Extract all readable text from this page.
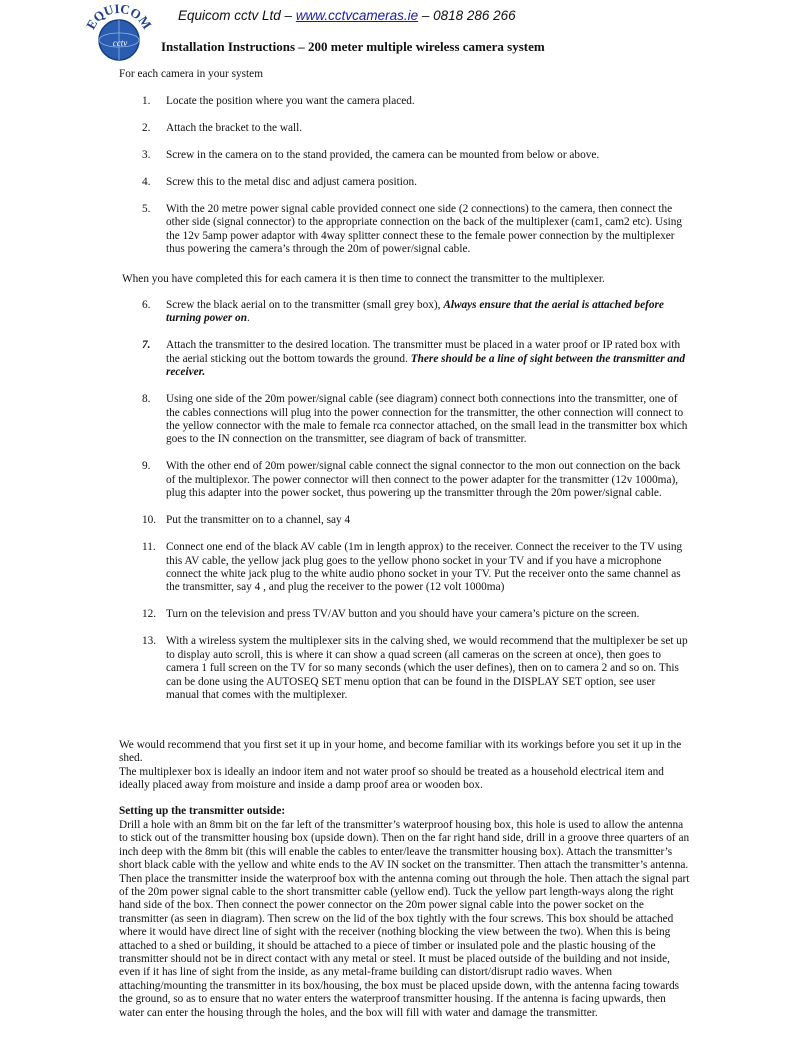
EQUICOM
cctv
Equicom cctv Ltd – www.cctvcameras.ie – 0818 286 266
Installation Instructions – 200 meter multiple wireless camera system
For each camera in your system
1. Locate the position where you want the camera placed.
2. Attach the bracket to the wall.
3. Screw in the camera on to the stand provided, the camera can be mounted from below or above.
4. Screw this to the metal disc and adjust camera position.
5. With the 20 metre power signal cable provided connect one side (2 connections) to the camera, then connect the other side (signal connector) to the appropriate connection on the back of the multiplexer (cam1, cam2 etc). Using the 12v 5amp power adaptor with 4way splitter connect these to the female power connection by the multiplexer thus powering the camera’s through the 20m of power/signal cable.
When you have completed this for each camera it is then time to connect the transmitter to the multiplexer.
6. Screw the black aerial on to the transmitter (small grey box), Always ensure that the aerial is attached before turning power on.
7. Attach the transmitter to the desired location. The transmitter must be placed in a water proof or IP rated box with the aerial sticking out the bottom towards the ground. There should be a line of sight between the transmitter and receiver.
8. Using one side of the 20m power/signal cable (see diagram) connect both connections into the transmitter, one of the cables connections will plug into the power connection for the transmitter, the other connection will connect to the yellow connector with the male to female rca connector attached, on the small lead in the transmitter box which goes to the IN connection on the transmitter, see diagram of back of transmitter.
9. With the other end of 20m power/signal cable connect the signal connector to the mon out connection on the back of the multiplexor. The power connector will then connect to the power adapter for the transmitter (12v 1000ma), plug this adapter into the power socket, thus powering up the transmitter through the 20m power/signal cable.
10. Put the transmitter on to a channel, say 4
11. Connect one end of the black AV cable (1m in length approx) to the receiver. Connect the receiver to the TV using this AV cable, the yellow jack plug goes to the yellow phono socket in your TV and if you have a microphone connect the white jack plug to the white audio phono socket in your TV. Put the receiver onto the same channel as the transmitter, say 4 , and plug the receiver to the power (12 volt 1000ma)
12. Turn on the television and press TV/AV button and you should have your camera’s picture on the screen.
13. With a wireless system the multiplexer sits in the calving shed, we would recommend that the multiplexer be set up to display auto scroll, this is where it can show a quad screen (all cameras on the screen at once), then goes to camera 1 full screen on the TV for so many seconds (which the user defines), then on to camera 2 and so on. This can be done using the AUTOSEQ SET menu option that can be found in the DISPLAY SET option, see user manual that comes with the multiplexer.

We would recommend that you first set it up in your home, and become familiar with its workings before you set it up in the shed.

The multiplexer box is ideally an indoor item and not water proof so should be treated as a household electrical item and ideally placed away from moisture and inside a damp proof area or wooden box.

Setting up the transmitter outside:
Drill a hole with an 8mm bit on the far left of the transmitter’s waterproof housing box, this hole is used to allow the antenna to stick out of the transmitter housing box (upside down). Then on the far right hand side, drill in a groove three quarters of an inch deep with the 8mm bit (this will enable the cables to enter/leave the transmitter housing box). Attach the transmitter’s short black cable with the yellow and white ends to the AV IN socket on the transmitter. Then attach the transmitter’s antenna. Then place the transmitter inside the waterproof box with the antenna coming out through the hole. Then attach the signal part of the 20m power signal cable to the short transmitter cable (yellow end). Tuck the yellow part length-ways along the right hand side of the box. Then connect the power connector on the 20m power signal cable into the power socket on the transmitter (as seen in diagram). Then screw on the lid of the box tightly with the four screws. This box should be attached where it would have direct line of sight with the receiver (nothing blocking the view between the two). When this is being attached to a shed or building, it should be attached to a piece of timber or insulated pole and the plastic housing of the transmitter should not be in direct contact with any metal or steel. It must be placed outside of the building and not inside, even if it has line of sight from the inside, as any metal-frame building can distort/disrupt radio waves. When attaching/mounting the transmitter in its box/housing, the box must be placed upside down, with the antenna facing towards the ground, so as to ensure that no water enters the waterproof transmitter housing. If the antenna is facing upwards, then water can enter the housing through the holes, and the box will fill with water and damage the transmitter.
